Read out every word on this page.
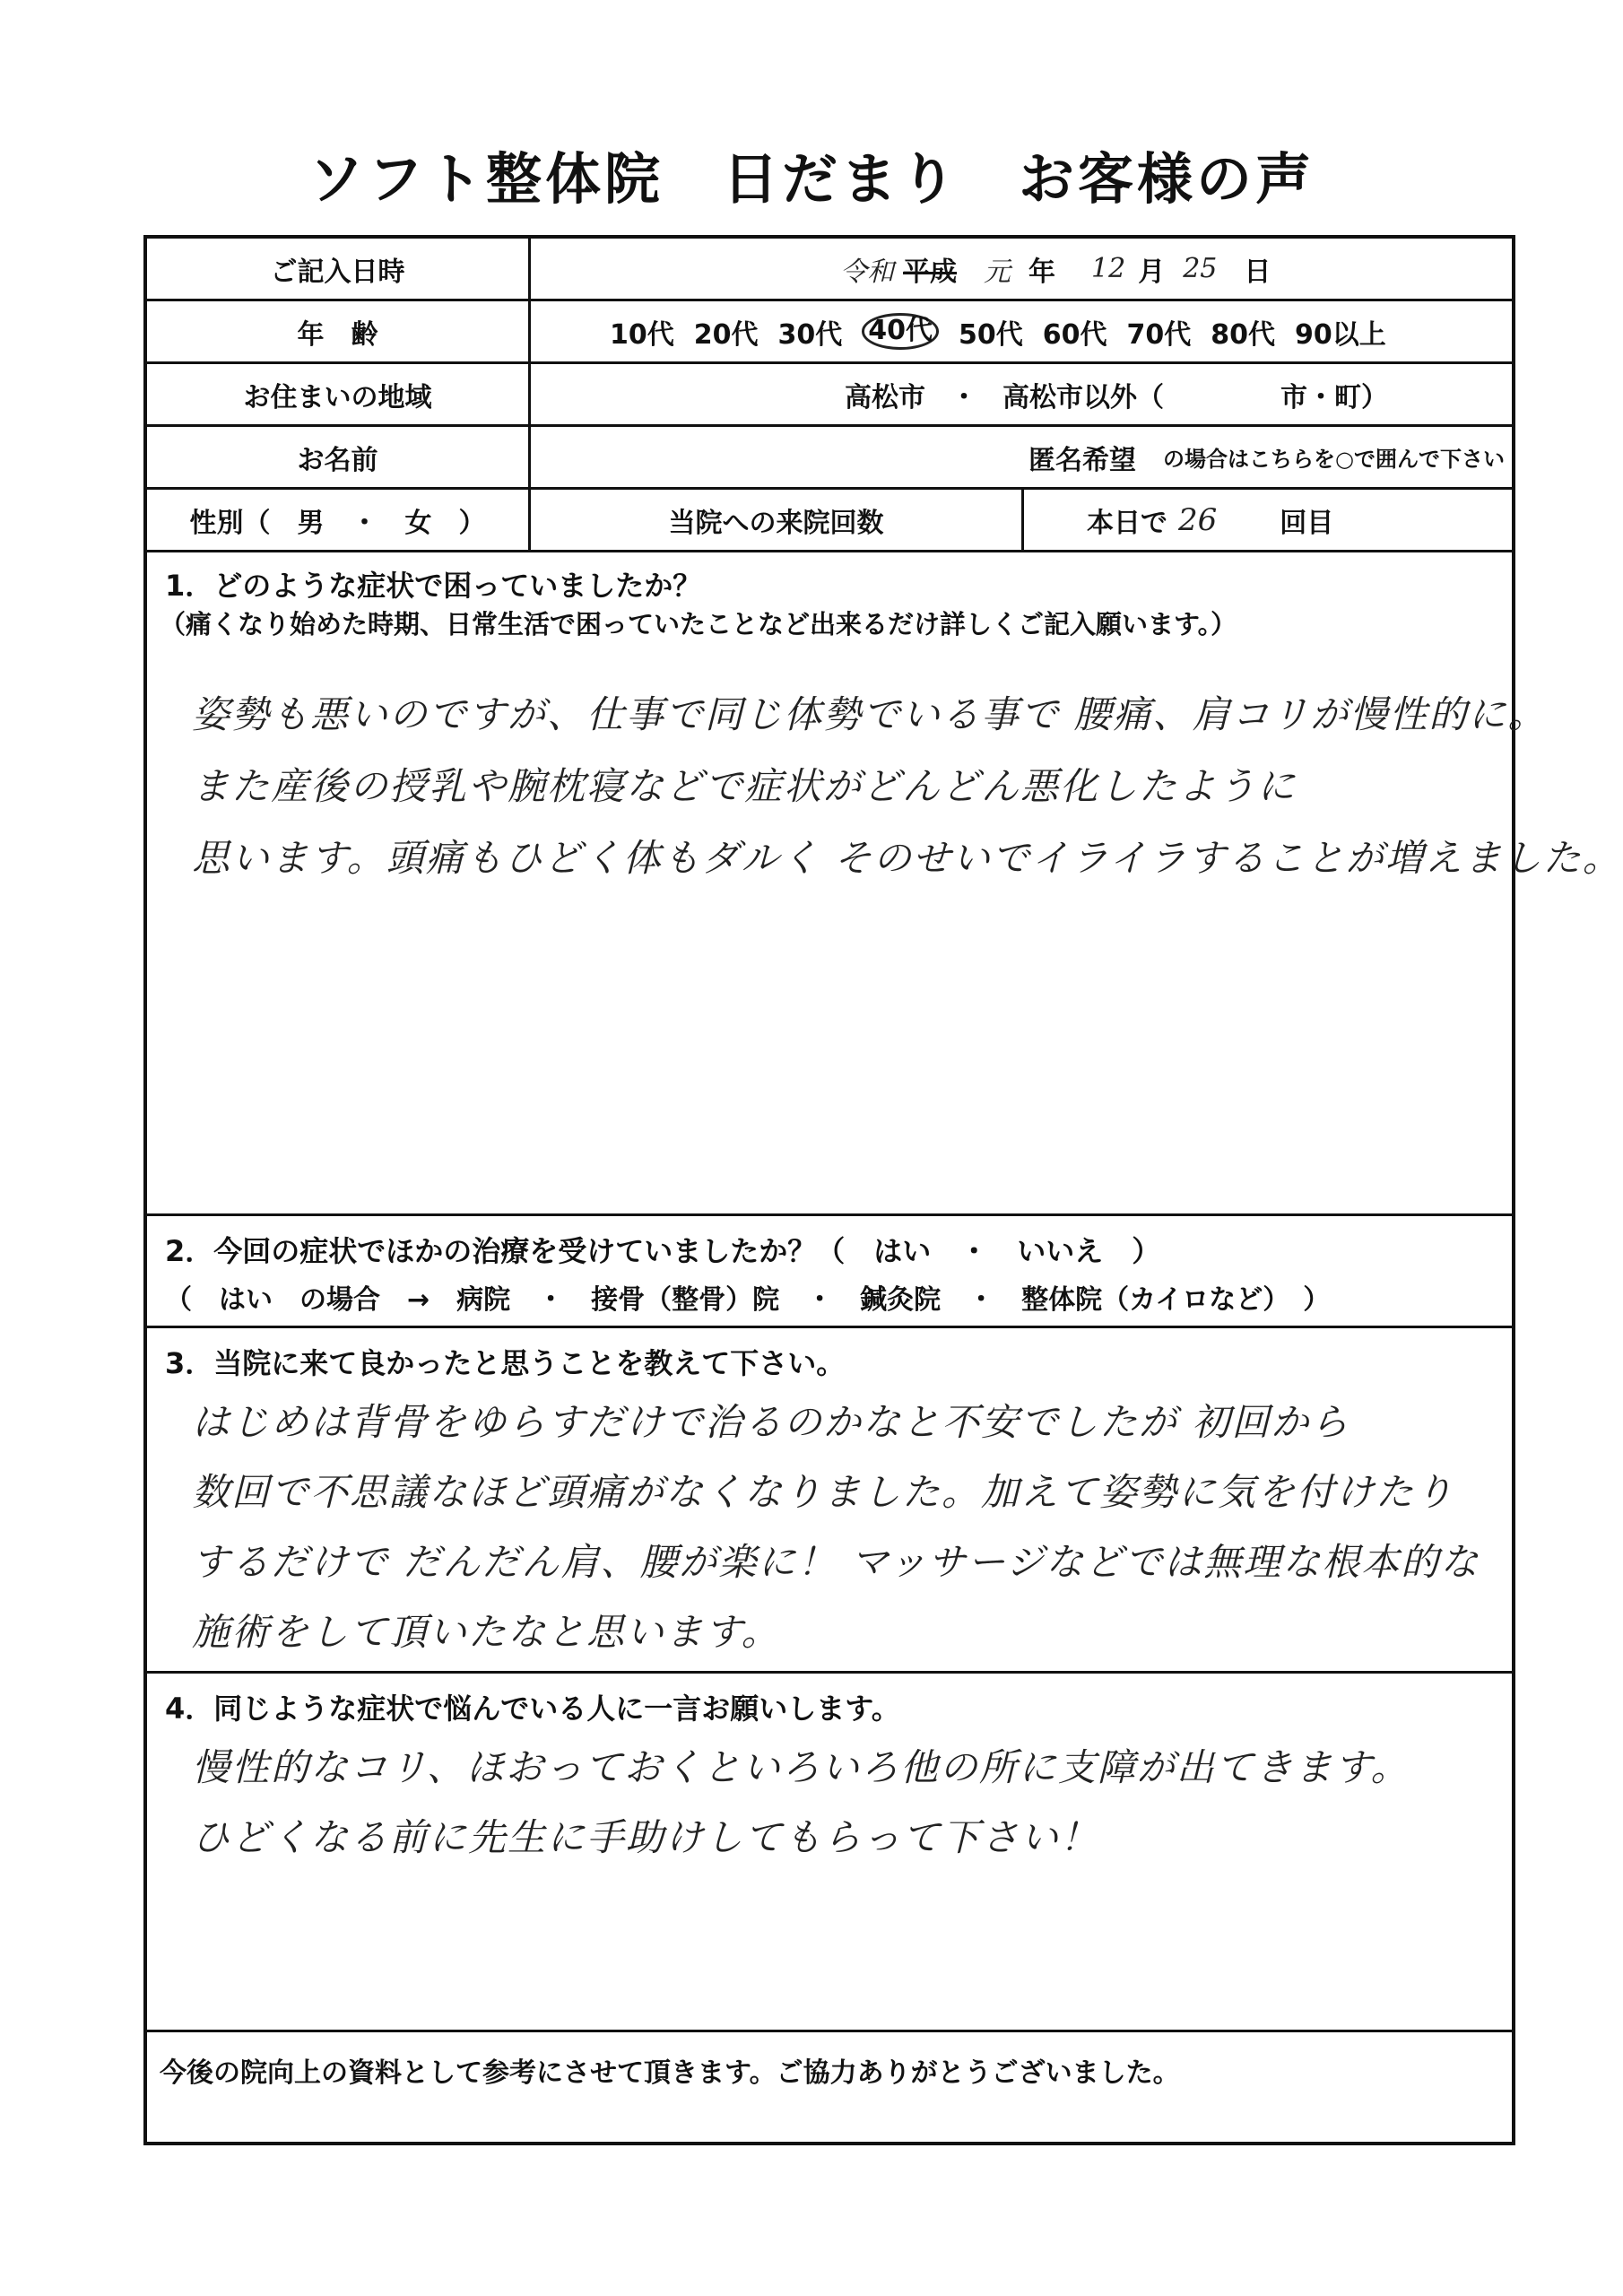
ソフト整体院　日だまり　お客様の声
ご記入日時	令和 平成 元 年 12 月 25 日
年　齢	10代 20代 30代 40代 50代 60代 70代 80代 90以上
お住まいの地域	高松市 ・ 高松市以外（	市・町）
お名前	匿名希望 の場合はこちらを○で囲んで下さい
性別（　男　・　女　）	当院への来院回数	本日で 26 回目
1．どのような症状で困っていましたか？
（痛くなり始めた時期、日常生活で困っていたことなど出来るだけ詳しくご記入願います。）
姿勢も悪いのですが、仕事で同じ体勢でいる事で 腰痛、肩コリが慢性的に。
また産後の授乳や腕枕寝などで症状がどんどん悪化したように
思います。頭痛もひどく体もダルく そのせいでイライラすることが増えました。
2．今回の症状でほかの治療を受けていましたか？（　はい　・　いいえ　）
（　はい　の場合　→　病院　・　接骨（整骨）院　・　鍼灸院　・　整体院（カイロなど）　）
3．当院に来て良かったと思うことを教えて下さい。
はじめは背骨をゆらすだけで治るのかなと不安でしたが 初回から
数回で不思議なほど頭痛がなくなりました。加えて姿勢に気を付けたり
するだけで だんだん肩、腰が楽に！ マッサージなどでは無理な根本的な
施術をして頂いたなと思います。
4．同じような症状で悩んでいる人に一言お願いします。
慢性的なコリ、ほおっておくといろいろ他の所に支障が出てきます。
ひどくなる前に先生に手助けしてもらって下さい！
今後の院向上の資料として参考にさせて頂きます。ご協力ありがとうございました。
